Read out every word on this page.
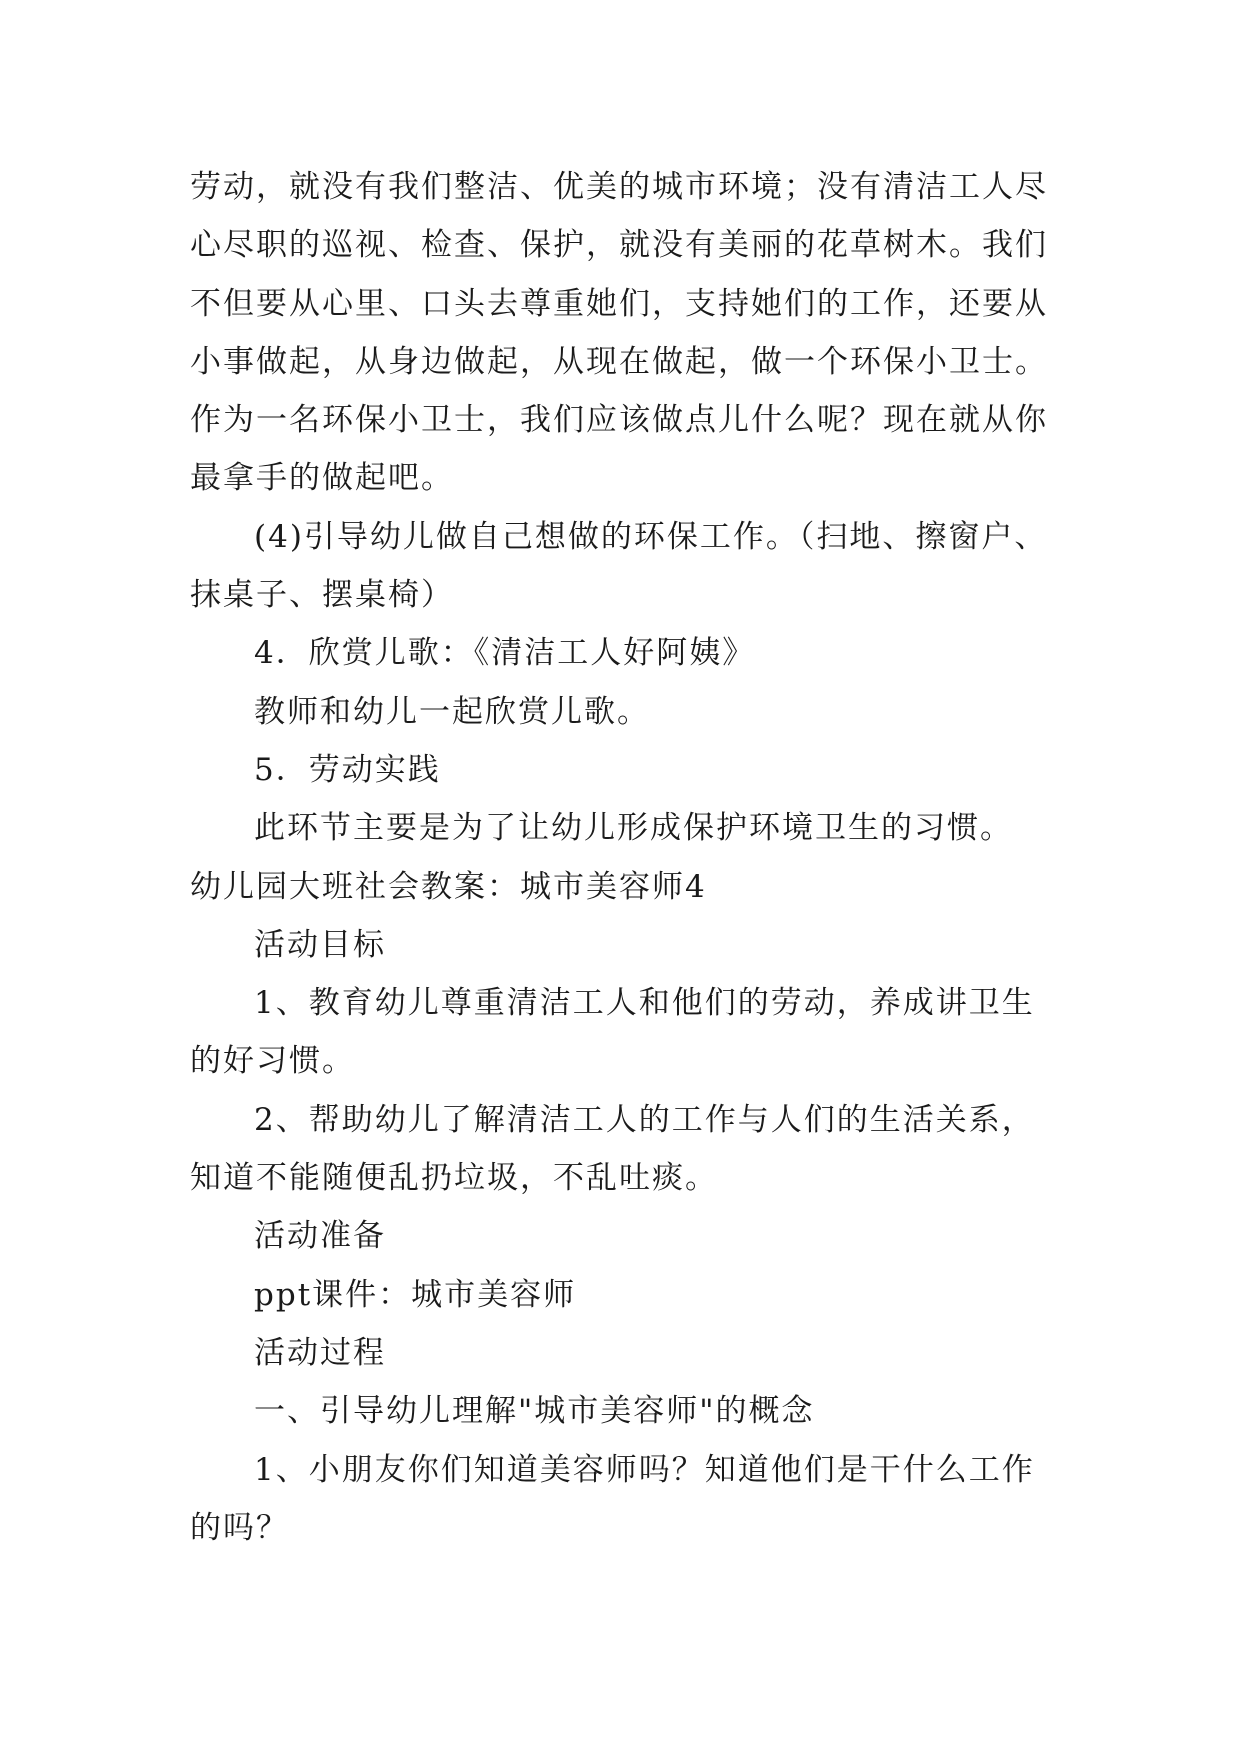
劳动，就没有我们整洁、优美的城市环境；没有清洁工人尽
心尽职的巡视、检查、保护，就没有美丽的花草树木。我们
不但要从心里、口头去尊重她们，支持她们的工作，还要从
小事做起，从身边做起，从现在做起，做一个环保小卫士。
作为一名环保小卫士，我们应该做点儿什么呢？现在就从你
最拿手的做起吧。
(4)引导幼儿做自己想做的环保工作。（扫地、擦窗户、
抹桌子、摆桌椅）
4．欣赏儿歌：《清洁工人好阿姨》
教师和幼儿一起欣赏儿歌。
5．劳动实践
此环节主要是为了让幼儿形成保护环境卫生的习惯。
幼儿园大班社会教案：城市美容师4
活动目标
1、教育幼儿尊重清洁工人和他们的劳动，养成讲卫生
的好习惯。
2、帮助幼儿了解清洁工人的工作与人们的生活关系，
知道不能随便乱扔垃圾，不乱吐痰。
活动准备
ppt课件：城市美容师
活动过程
一、引导幼儿理解"城市美容师"的概念
1、小朋友你们知道美容师吗？知道他们是干什么工作
的吗？
